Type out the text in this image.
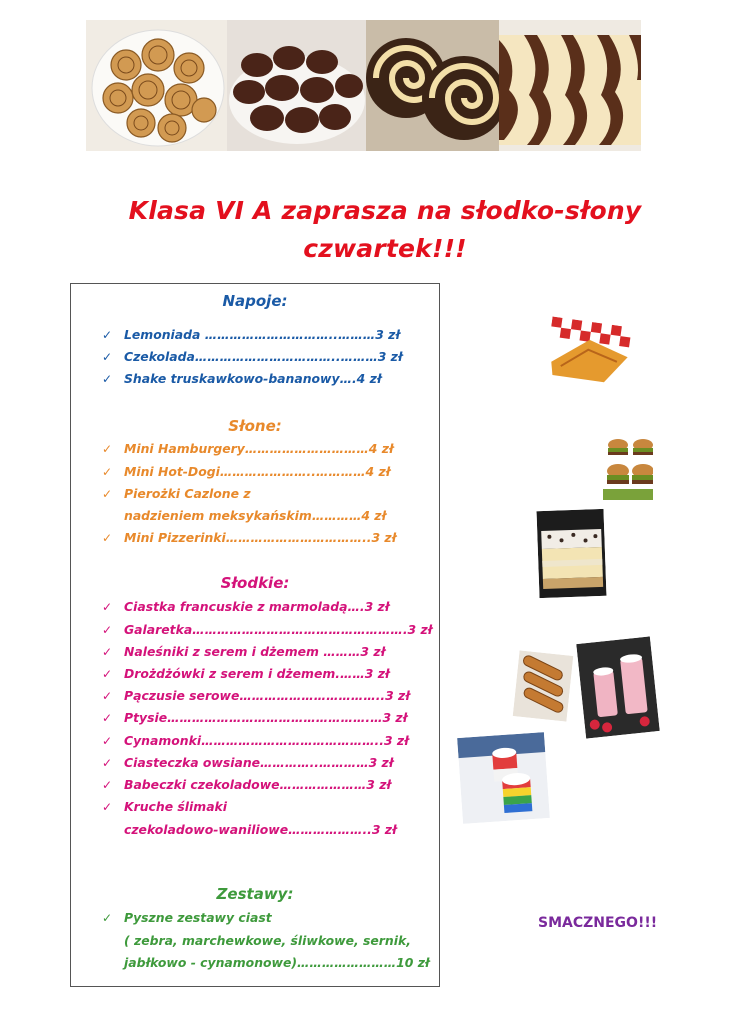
Klasa VI A zaprasza na słodko-słony
czwartek!!!
Napoje:
✓ Lemoniada …………………………..………3 zł
✓ Czekolada……………………………..………3 zł
✓ Shake truskawkowo-bananowy….4 zł
Słone:
✓ Mini Hamburgery…………………………4 zł
✓ Mini Hot-Dogi…………………..…………4 zł
✓ Pierożki Cazlone z
nadzieniem meksykańskim…………4 zł
✓ Mini Pizzerinki……………………………..3 zł
Słodkie:
✓ Ciastka francuskie z marmoladą….3 zł
✓ Galaretka…………………………………………….3 zł
✓ Naleśniki z serem i dżemem ………3 zł
✓ Drożdżówki z serem i dżemem.……3 zł
✓ Pączusie serowe……………………………..3 zł
✓ Ptysie………………………………………….…3 zł
✓ Cynamonki……………………………………..3 zł
✓ Ciasteczka owsiane…………..…………3 zł
✓ Babeczki czekoladowe…………………3 zł
✓ Kruche ślimaki
czekoladowo-waniliowe………………..3 zł
Zestawy:
✓ Pyszne zestawy ciast
( zebra, marchewkowe, śliwkowe, sernik,
jabłkowo - cynamonowe)……………………10 zł
SMACZNEGO!!!
